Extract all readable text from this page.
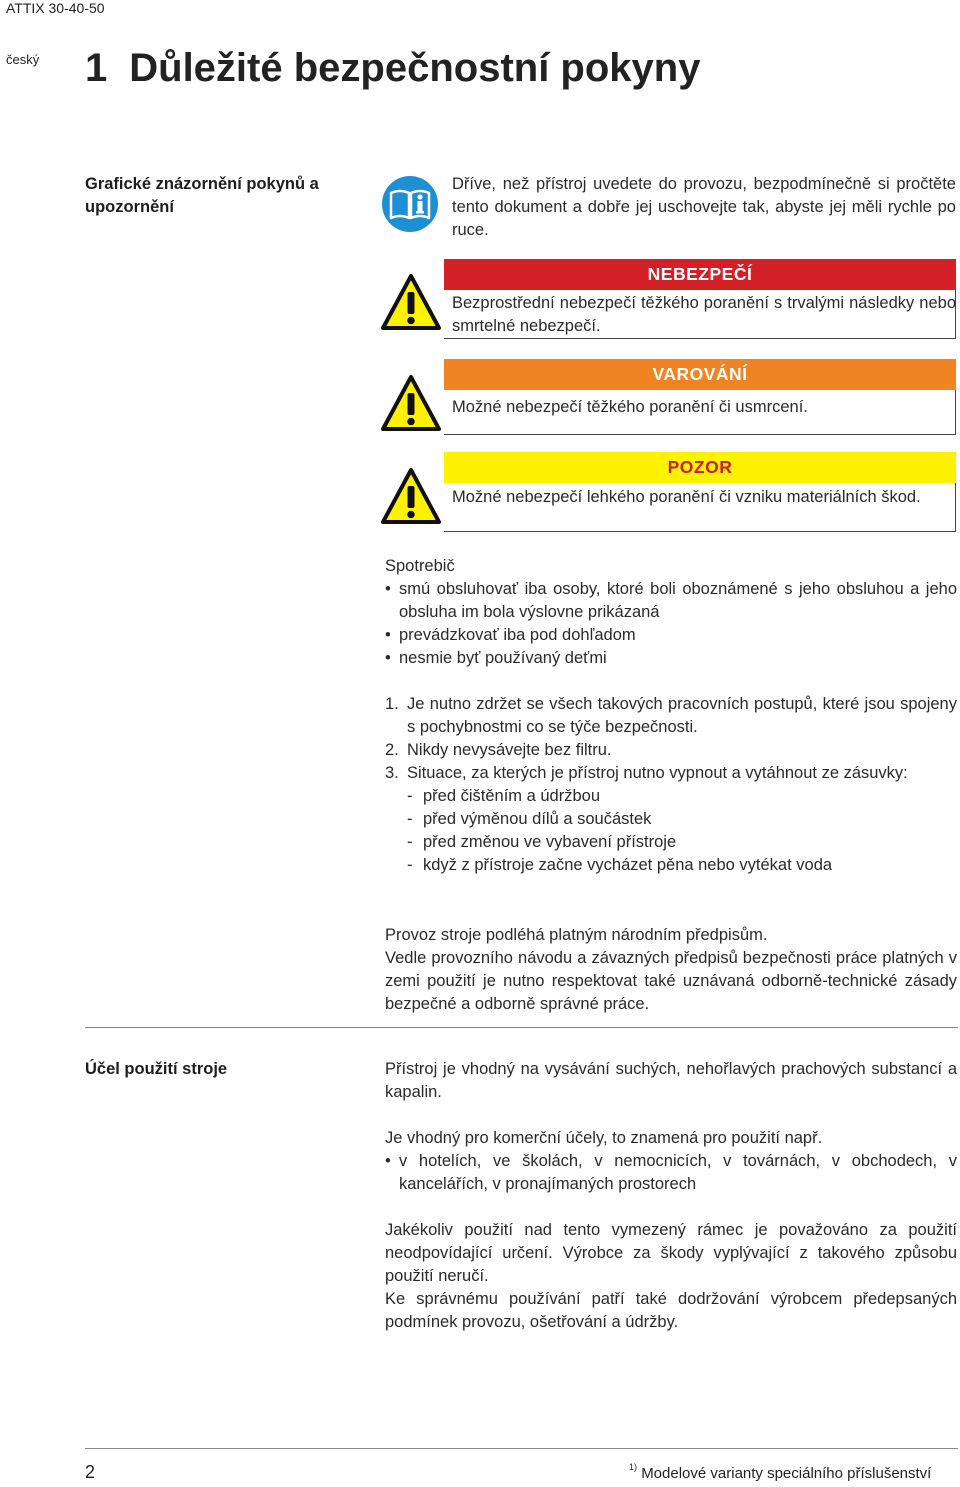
ATTIX 30-40-50
český 1 Důležité bezpečnostní pokyny
Grafické znázornění pokynů a upozornění
Dříve, než přístroj uvedete do provozu, bezpodmínečně si pročtěte tento dokument a dobře jej uschovejte tak, abyste jej měli rychle po ruce.
NEBEZPEČÍ
Bezprostřední nebezpečí těžkého poranění s trvalými následky nebo smrtelné nebezpečí.
VAROVÁNÍ
Možné nebezpečí těžkého poranění či usmrcení.
POZOR
Možné nebezpečí lehkého poranění či vzniku materiálních škod.
Spotrebič
• smú obsluhovať iba osoby, ktoré boli oboznámené s jeho obsluhou a jeho obsluha im bola výslovne prikázaná
• prevádzkovať iba pod dohľadom
• nesmie byť používaný deťmi
1. Je nutno zdržet se všech takových pracovních postupů, které jsou spojeny s pochybnostmi co se týče bezpečnosti.
2. Nikdy nevysávejte bez filtru.
3. Situace, za kterých je přístroj nutno vypnout a vytáhnout ze zásuvky:
- před čištěním a údržbou
- před výměnou dílů a součástek
- před změnou ve vybavení přístroje
- když z přístroje začne vycházet pěna nebo vytékat voda
Provoz stroje podléhá platným národním předpisům.
Vedle provozního návodu a závazných předpisů bezpečnosti práce platných v zemi použití je nutno respektovat také uznávaná odborně-technické zásady bezpečné a odborně správné práce.
Účel použití stroje	Přístroj je vhodný na vysávání suchých, nehořlavých prachových substancí a kapalin.
Je vhodný pro komerční účely, to znamená pro použití např.
• v hotelích, ve školách, v nemocnicích, v továrnách, v obchodech, v kancelářích, v pronajímaných prostorech
Jakékoliv použití nad tento vymezený rámec je považováno za použití neodpovídající určení. Výrobce za škody vyplývající z takového způsobu použití neručí.
Ke správnému používání patří také dodržování výrobcem předepsaných podmínek provozu, ošetřování a údržby.
2	$^{1)}$ Modelové varianty speciálního příslušenství
